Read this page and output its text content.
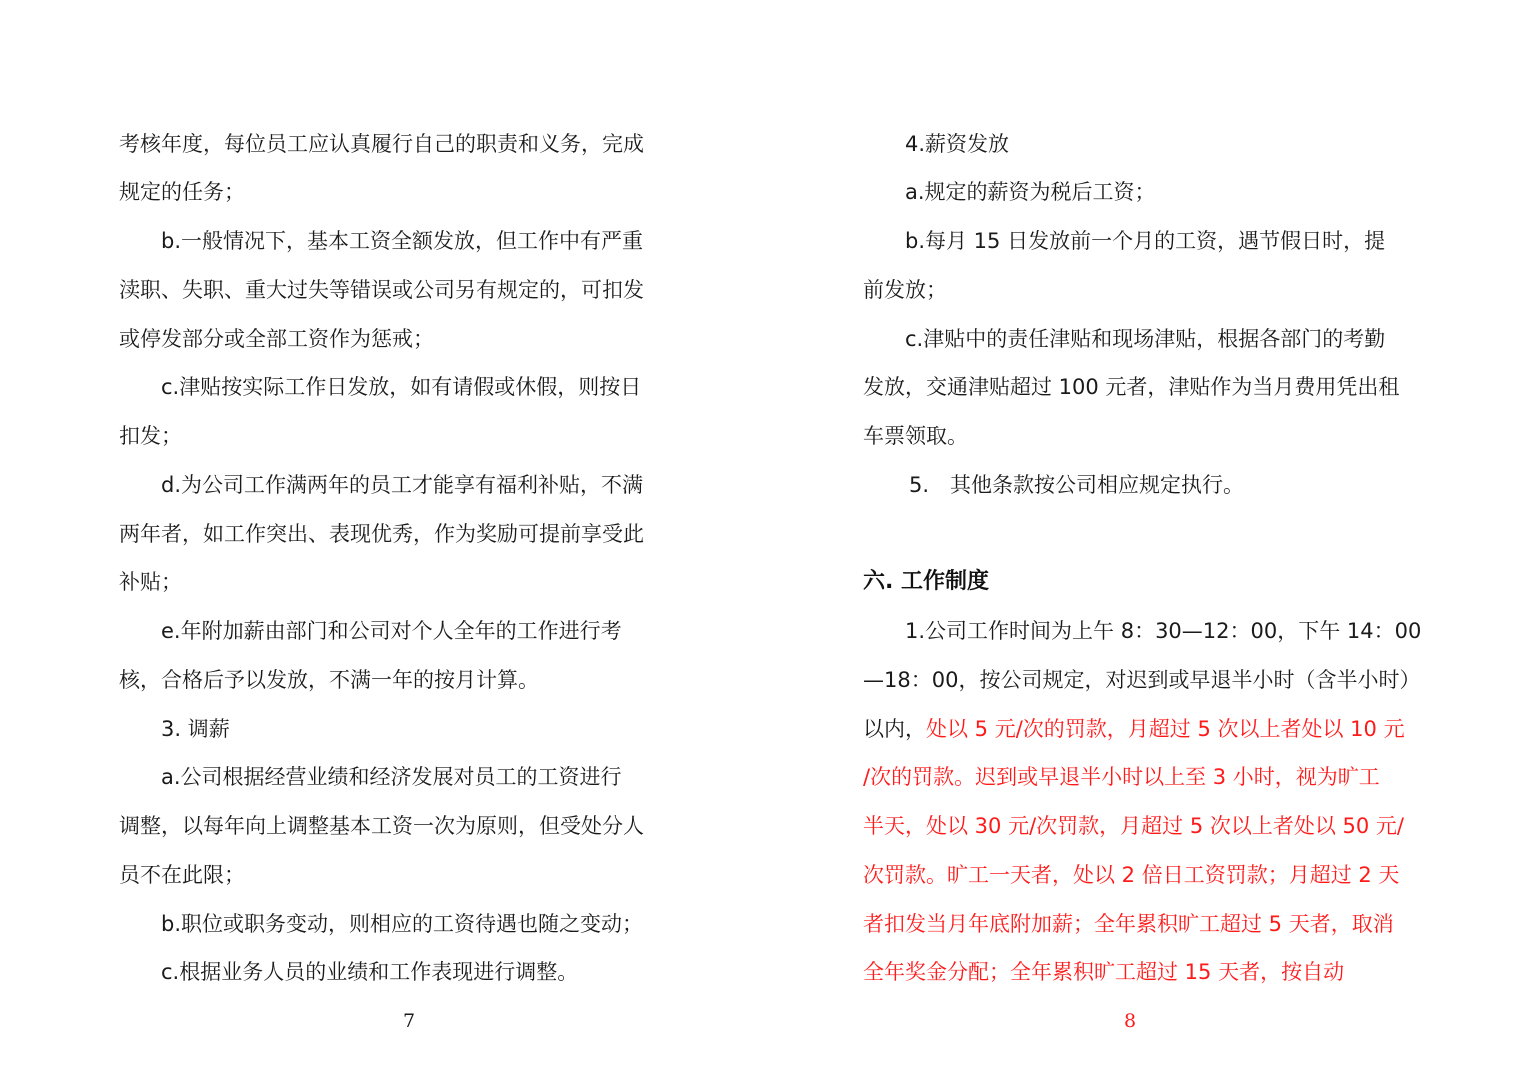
考核年度，每位员工应认真履行自己的职责和义务，完成
规定的任务；
b.一般情况下，基本工资全额发放，但工作中有严重
渎职、失职、重大过失等错误或公司另有规定的，可扣发
或停发部分或全部工资作为惩戒；
c.津贴按实际工作日发放，如有请假或休假，则按日
扣发；
d.为公司工作满两年的员工才能享有福利补贴，不满
两年者，如工作突出、表现优秀，作为奖励可提前享受此
补贴；
e.年附加薪由部门和公司对个人全年的工作进行考
核，合格后予以发放，不满一年的按月计算。
3. 调薪
a.公司根据经营业绩和经济发展对员工的工资进行
调整，以每年向上调整基本工资一次为原则，但受处分人
员不在此限；
b.职位或职务变动，则相应的工资待遇也随之变动；
c.根据业务人员的业绩和工作表现进行调整。
7
4.薪资发放
a.规定的薪资为税后工资；
b.每月 15 日发放前一个月的工资，遇节假日时，提
前发放；
c.津贴中的责任津贴和现场津贴，根据各部门的考勤
发放，交通津贴超过 100 元者，津贴作为当月费用凭出租
车票领取。
5.　其他条款按公司相应规定执行。
六. 工作制度
1.公司工作时间为上午 8：30—12：00，下午 14：00
—18：00，按公司规定，对迟到或早退半小时（含半小时）
以内，处以 5 元/次的罚款，月超过 5 次以上者处以 10 元
/次的罚款。迟到或早退半小时以上至 3 小时，视为旷工
半天，处以 30 元/次罚款，月超过 5 次以上者处以 50 元/
次罚款。旷工一天者，处以 2 倍日工资罚款；月超过 2 天
者扣发当月年底附加薪；全年累积旷工超过 5 天者，取消
全年奖金分配；全年累积旷工超过 15 天者，按自动
8
